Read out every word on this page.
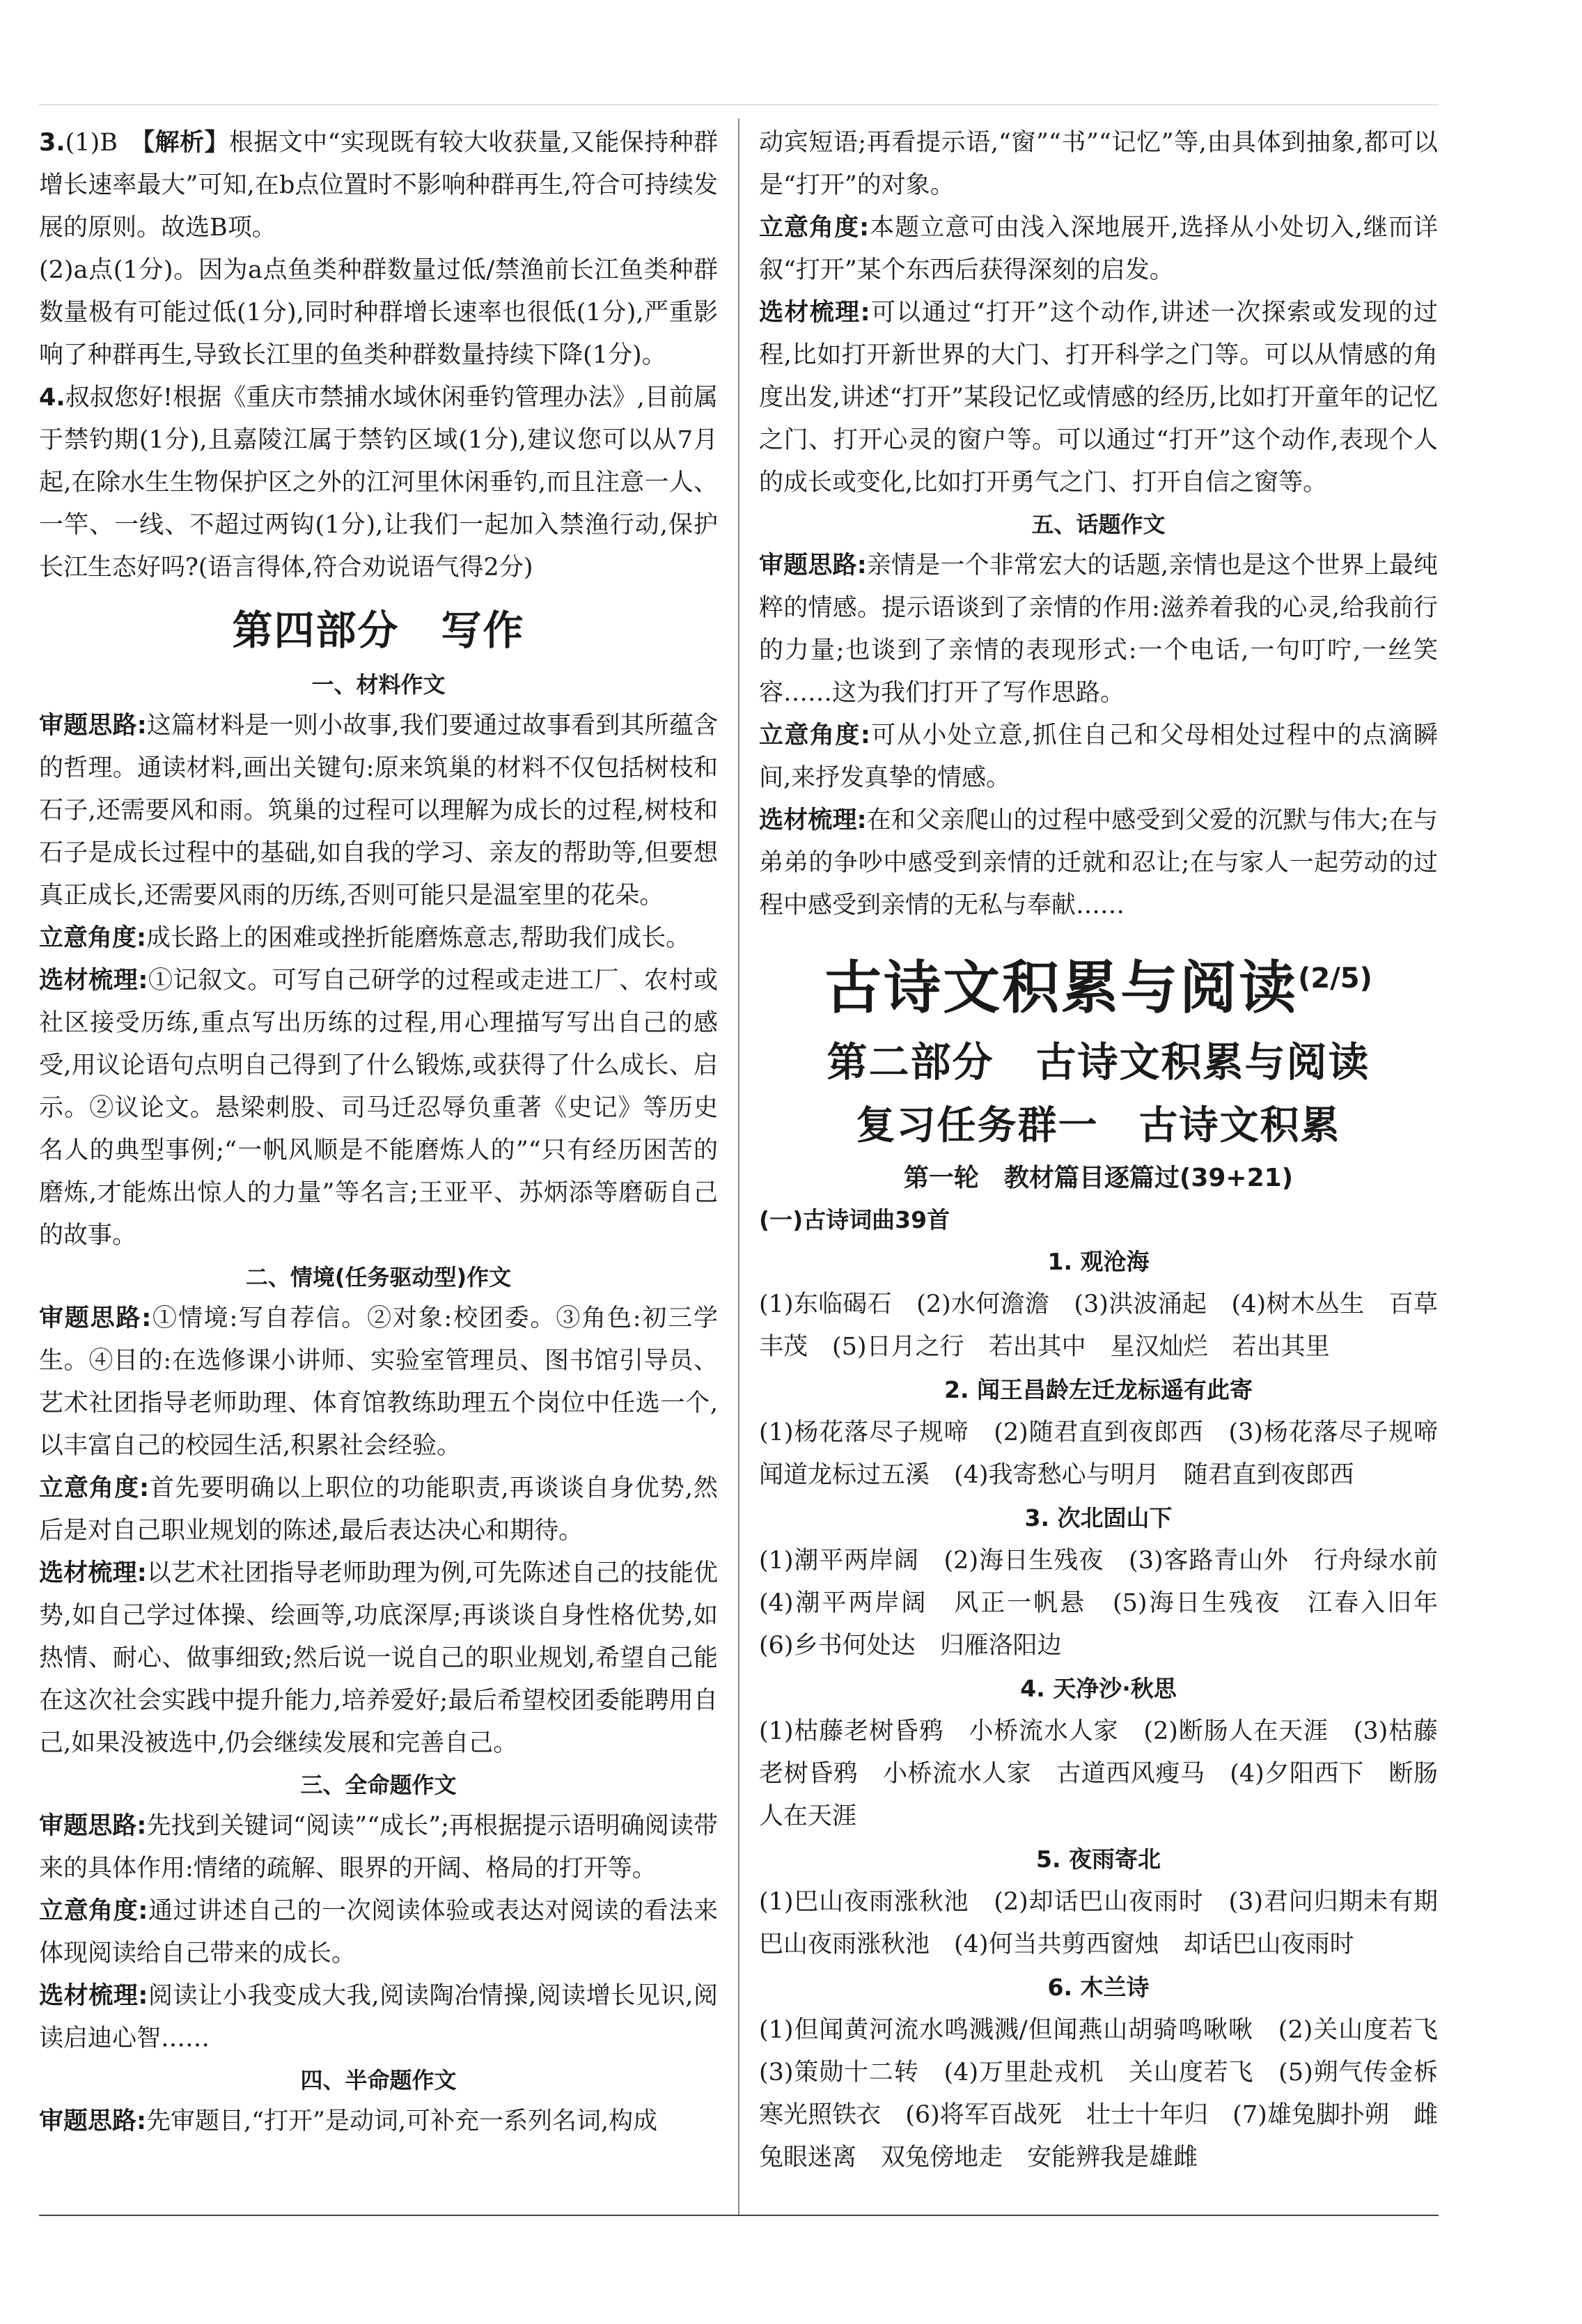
3.(1)B　 【解析】根据文中“实现既有较大收获量,又能保持种群增长速率最大”可知,在b点位置时不影响种群再生,符合可持续发展的原则。故选B项。

(2)a点(1分)。因为a点鱼类种群数量过低/禁渔前长江鱼类种群数量极有可能过低(1分),同时种群增长速率也很低(1分),严重影响了种群再生,导致长江里的鱼类种群数量持续下降(1分)。

4.叔叔您好!根据《重庆市禁捕水域休闲垂钓管理办法》,目前属于禁钓期(1分),且嘉陵江属于禁钓区域(1分),建议您可以从7月起,在除水生生物保护区之外的江河里休闲垂钓,而且注意一人、一竿、一线、不超过两钩(1分),让我们一起加入禁渔行动,保护长江生态好吗?(语言得体,符合劝说语气得2分)

第四部分　写作
一、材料作文

审题思路:这篇材料是一则小故事,我们要通过故事看到其所蕴含的哲理。通读材料,画出关键句:原来筑巢的材料不仅包括树枝和石子,还需要风和雨。筑巢的过程可以理解为成长的过程,树枝和石子是成长过程中的基础,如自我的学习、亲友的帮助等,但要想真正成长,还需要风雨的历练,否则可能只是温室里的花朵。

立意角度:成长路上的困难或挫折能磨炼意志,帮助我们成长。

选材梳理:①记叙文。可写自己研学的过程或走进工厂、农村或社区接受历练,重点写出历练的过程,用心理描写写出自己的感受,用议论语句点明自己得到了什么锻炼,或获得了什么成长、启示。②议论文。悬梁刺股、司马迁忍辱负重著《史记》等历史名人的典型事例;“一帆风顺是不能磨炼人的”“只有经历困苦的磨炼,才能炼出惊人的力量”等名言;王亚平、苏炳添等磨砺自己的故事。

二、情境(任务驱动型)作文

审题思路:①情境:写自荐信。②对象:校团委。③角色:初三学生。④目的:在选修课小讲师、实验室管理员、图书馆引导员、艺术社团指导老师助理、体育馆教练助理五个岗位中任选一个,以丰富自己的校园生活,积累社会经验。

立意角度:首先要明确以上职位的功能职责,再谈谈自身优势,然后是对自己职业规划的陈述,最后表达决心和期待。

选材梳理:以艺术社团指导老师助理为例,可先陈述自己的技能优势,如自己学过体操、绘画等,功底深厚;再谈谈自身性格优势,如热情、耐心、做事细致;然后说一说自己的职业规划,希望自己能在这次社会实践中提升能力,培养爱好;最后希望校团委能聘用自己,如果没被选中,仍会继续发展和完善自己。

三、全命题作文

审题思路:先找到关键词“阅读”“成长”;再根据提示语明确阅读带来的具体作用:情绪的疏解、眼界的开阔、格局的打开等。

立意角度:通过讲述自己的一次阅读体验或表达对阅读的看法来体现阅读给自己带来的成长。

选材梳理:阅读让小我变成大我,阅读陶冶情操,阅读增长见识,阅读启迪心智……

四、半命题作文

审题思路:先审题目,“打开”是动词,可补充一系列名词,构成

动宾短语;再看提示语,“窗”“书”“记忆”等,由具体到抽象,都可以是“打开”的对象。

立意角度:本题立意可由浅入深地展开,选择从小处切入,继而详叙“打开”某个东西后获得深刻的启发。

选材梳理:可以通过“打开”这个动作,讲述一次探索或发现的过程,比如打开新世界的大门、打开科学之门等。可以从情感的角度出发,讲述“打开”某段记忆或情感的经历,比如打开童年的记忆之门、打开心灵的窗户等。可以通过“打开”这个动作,表现个人的成长或变化,比如打开勇气之门、打开自信之窗等。

五、话题作文

审题思路:亲情是一个非常宏大的话题,亲情也是这个世界上最纯粹的情感。提示语谈到了亲情的作用:滋养着我的心灵,给我前行的力量;也谈到了亲情的表现形式:一个电话,一句叮咛,一丝笑容……这为我们打开了写作思路。

立意角度:可从小处立意,抓住自己和父母相处过程中的点滴瞬间,来抒发真挚的情感。

选材梳理:在和父亲爬山的过程中感受到父爱的沉默与伟大;在与弟弟的争吵中感受到亲情的迁就和忍让;在与家人一起劳动的过程中感受到亲情的无私与奉献……

古诗文积累与阅读$^{(2/5)}$
第二部分　古诗文积累与阅读
复习任务群一　古诗文积累
第一轮　教材篇目逐篇过(39+21)
(一)古诗词曲39首
1. 观沧海

(1)东临碣石　(2)水何澹澹　(3)洪波涌起　(4)树木丛生　百草丰茂　(5)日月之行　若出其中　星汉灿烂　若出其里

2. 闻王昌龄左迁龙标遥有此寄

(1)杨花落尽子规啼　(2)随君直到夜郎西　(3)杨花落尽子规啼　闻道龙标过五溪　(4)我寄愁心与明月　随君直到夜郎西

3. 次北固山下

(1)潮平两岸阔　(2)海日生残夜　(3)客路青山外　行舟绿水前　(4)潮平两岸阔　风正一帆悬　(5)海日生残夜　江春入旧年　(6)乡书何处达　归雁洛阳边

4. 天净沙·秋思

(1)枯藤老树昏鸦　小桥流水人家　(2)断肠人在天涯　(3)枯藤老树昏鸦　小桥流水人家　古道西风瘦马　(4)夕阳西下　断肠人在天涯

5. 夜雨寄北

(1)巴山夜雨涨秋池　(2)却话巴山夜雨时　(3)君问归期未有期　巴山夜雨涨秋池　(4)何当共剪西窗烛　却话巴山夜雨时

6. 木兰诗

(1)但闻黄河流水鸣溅溅/但闻燕山胡骑鸣啾啾　(2)关山度若飞　(3)策勋十二转　(4)万里赴戎机　关山度若飞　(5)朔气传金柝　寒光照铁衣　(6)将军百战死　壮士十年归　(7)雄兔脚扑朔　雌兔眼迷离　双兔傍地走　安能辨我是雄雌
